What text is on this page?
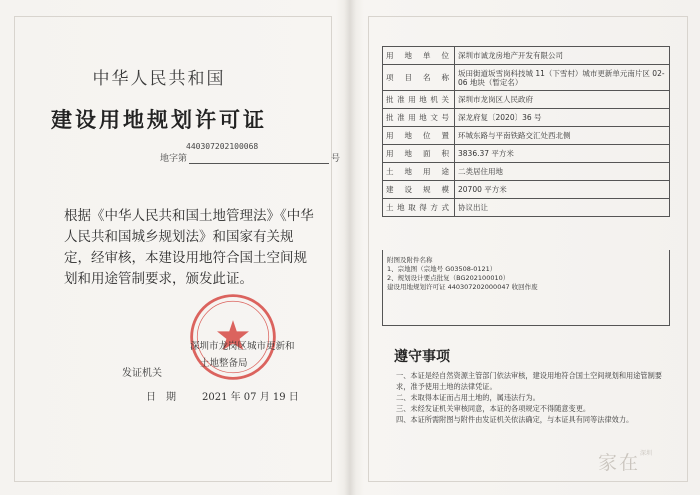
中华人民共和国
建设用地规划许可证
440307202100068
地字第	号
根据《中华人民共和国土地管理法》《中华人民共和国城乡规划法》和国家有关规定，经审核，本建设用地符合国土空间规划和用途管制要求，颁发此证。
深圳市龙岗区城市更新和
土地整备局
发证机关
日　期	2021 年 07 月 19 日
用地单位	深圳市诚龙房地产开发有限公司
项目名称	坂田街道坂雪岗科技城 11（下雪村）城市更新单元南片区 02-06 地块（暂定名）
批准用地机关	深圳市龙岗区人民政府
批准用地文号	深龙府复〔2020〕36 号
用地位置	环城东路与平南铁路交汇处西北侧
用地面积	3836.37 平方米
土地用途	二类居住用地
建设规模	20700 平方米
土地取得方式	协议出让
附图及附件名称
1、宗地图（宗地号 G03508-0121）
2、规划设计要点批复（BG202100010）
建设用地规划许可证 440307202000047 收回作废
遵守事项
一、本证是经自然资源主管部门依法审核，建设用地符合国土空间规划和用途管制要求，准予使用土地的法律凭证。
二、未取得本证而占用土地的，属违法行为。
三、未经发证机关审核同意，本证的各项规定不得随意变更。
四、本证所需附图与附件由发证机关依法确定，与本证具有同等法律效力。
家在$^{深圳}$
